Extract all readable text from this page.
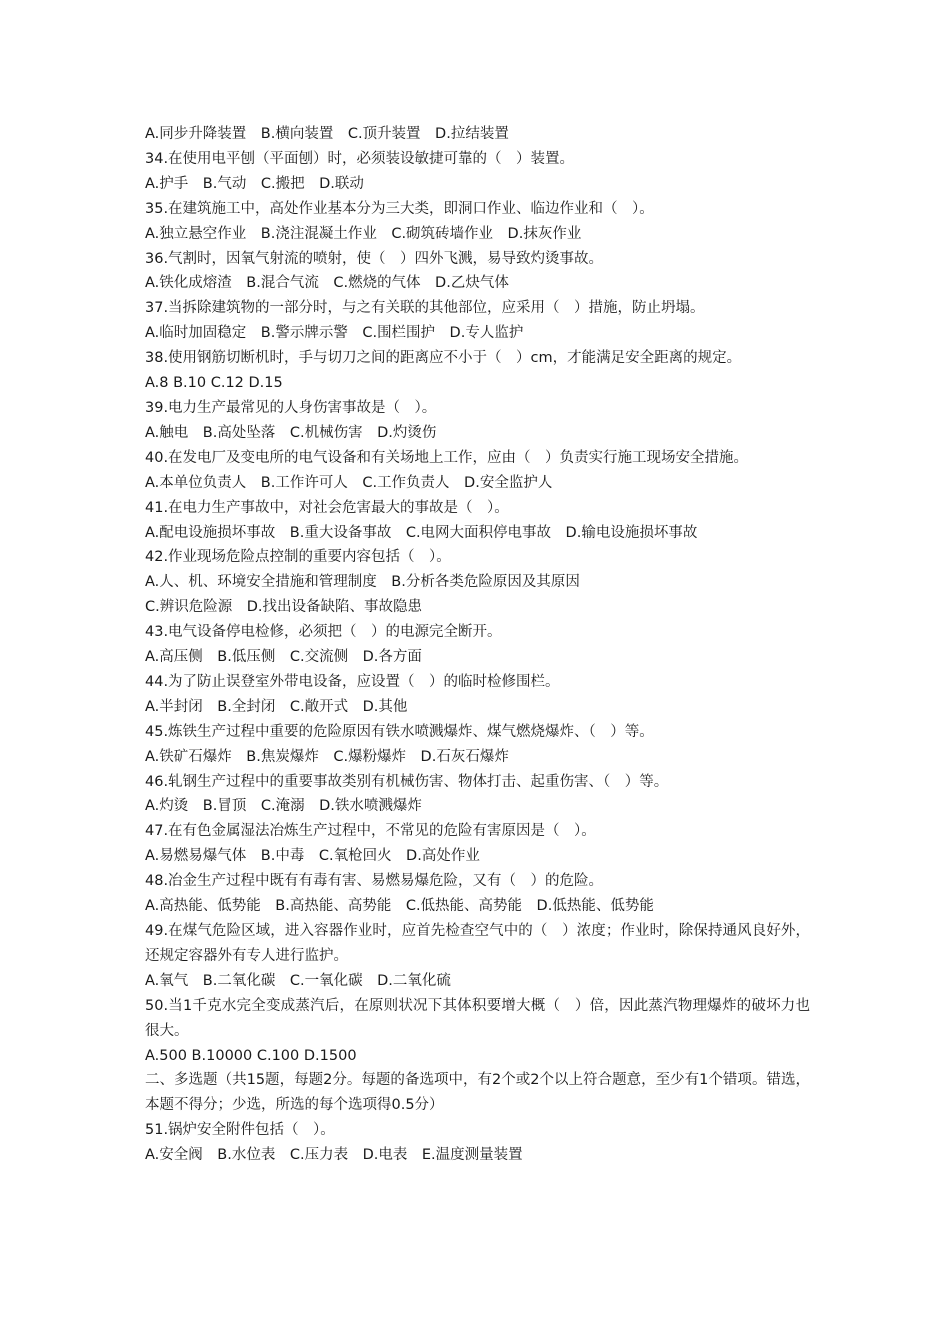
A.同步升降装置　B.横向装置　C.顶升装置　D.拉结装置
34.在使用电平刨（平面刨）时，必须装设敏捷可靠的（　）装置。
A.护手　B.气动　C.搬把　D.联动
35.在建筑施工中，高处作业基本分为三大类，即洞口作业、临边作业和（　）。
A.独立悬空作业　B.浇注混凝土作业　C.砌筑砖墙作业　D.抹灰作业
36.气割时，因氧气射流的喷射，使（　）四外飞溅，易导致灼烫事故。
A.铁化成熔渣　B.混合气流　C.燃烧的气体　D.乙炔气体
37.当拆除建筑物的一部分时，与之有关联的其他部位，应采用（　）措施，防止坍塌。
A.临时加固稳定　B.警示牌示警　C.围栏围护　D.专人监护
38.使用钢筋切断机时，手与切刀之间的距离应不小于（　）cm，才能满足安全距离的规定。
A.8 B.10 C.12 D.15
39.电力生产最常见的人身伤害事故是（　）。
A.触电　B.高处坠落　C.机械伤害　D.灼烫伤
40.在发电厂及变电所的电气设备和有关场地上工作，应由（　）负责实行施工现场安全措施。
A.本单位负责人　B.工作许可人　C.工作负责人　D.安全监护人
41.在电力生产事故中，对社会危害最大的事故是（　）。
A.配电设施损坏事故　B.重大设备事故　C.电网大面积停电事故　D.输电设施损坏事故
42.作业现场危险点控制的重要内容包括（　）。
A.人、机、环境安全措施和管理制度　B.分析各类危险原因及其原因
C.辨识危险源　D.找出设备缺陷、事故隐患
43.电气设备停电检修，必须把（　）的电源完全断开。
A.高压侧　B.低压侧　C.交流侧　D.各方面
44.为了防止误登室外带电设备，应设置（　）的临时检修围栏。
A.半封闭　B.全封闭　C.敞开式　D.其他
45.炼铁生产过程中重要的危险原因有铁水喷溅爆炸、煤气燃烧爆炸、（　）等。
A.铁矿石爆炸　B.焦炭爆炸　C.爆粉爆炸　D.石灰石爆炸
46.轧钢生产过程中的重要事故类别有机械伤害、物体打击、起重伤害、（　）等。
A.灼烫　B.冒顶　C.淹溺　D.铁水喷溅爆炸
47.在有色金属湿法冶炼生产过程中，不常见的危险有害原因是（　）。
A.易燃易爆气体　B.中毒　C.氧枪回火　D.高处作业
48.冶金生产过程中既有有毒有害、易燃易爆危险，又有（　）的危险。
A.高热能、低势能　B.高热能、高势能　C.低热能、高势能　D.低热能、低势能
49.在煤气危险区域，进入容器作业时，应首先检查空气中的（　）浓度；作业时，除保持通风良好外，还规定容器外有专人进行监护。
A.氧气　B.二氧化碳　C.一氧化碳　D.二氧化硫
50.当1千克水完全变成蒸汽后，在原则状况下其体积要增大概（　）倍，因此蒸汽物理爆炸的破坏力也很大。
A.500 B.10000 C.100 D.1500
二、多选题（共15题，每题2分。每题的备选项中，有2个或2个以上符合题意，至少有1个错项。错选，本题不得分；少选，所选的每个选项得0.5分）
51.锅炉安全附件包括（　）。
A.安全阀　B.水位表　C.压力表　D.电表　E.温度测量装置
